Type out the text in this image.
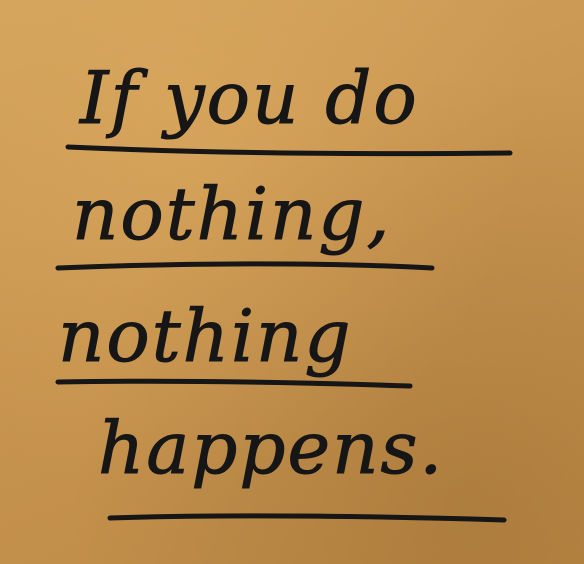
If you do

nothing,

nothing

happens.
